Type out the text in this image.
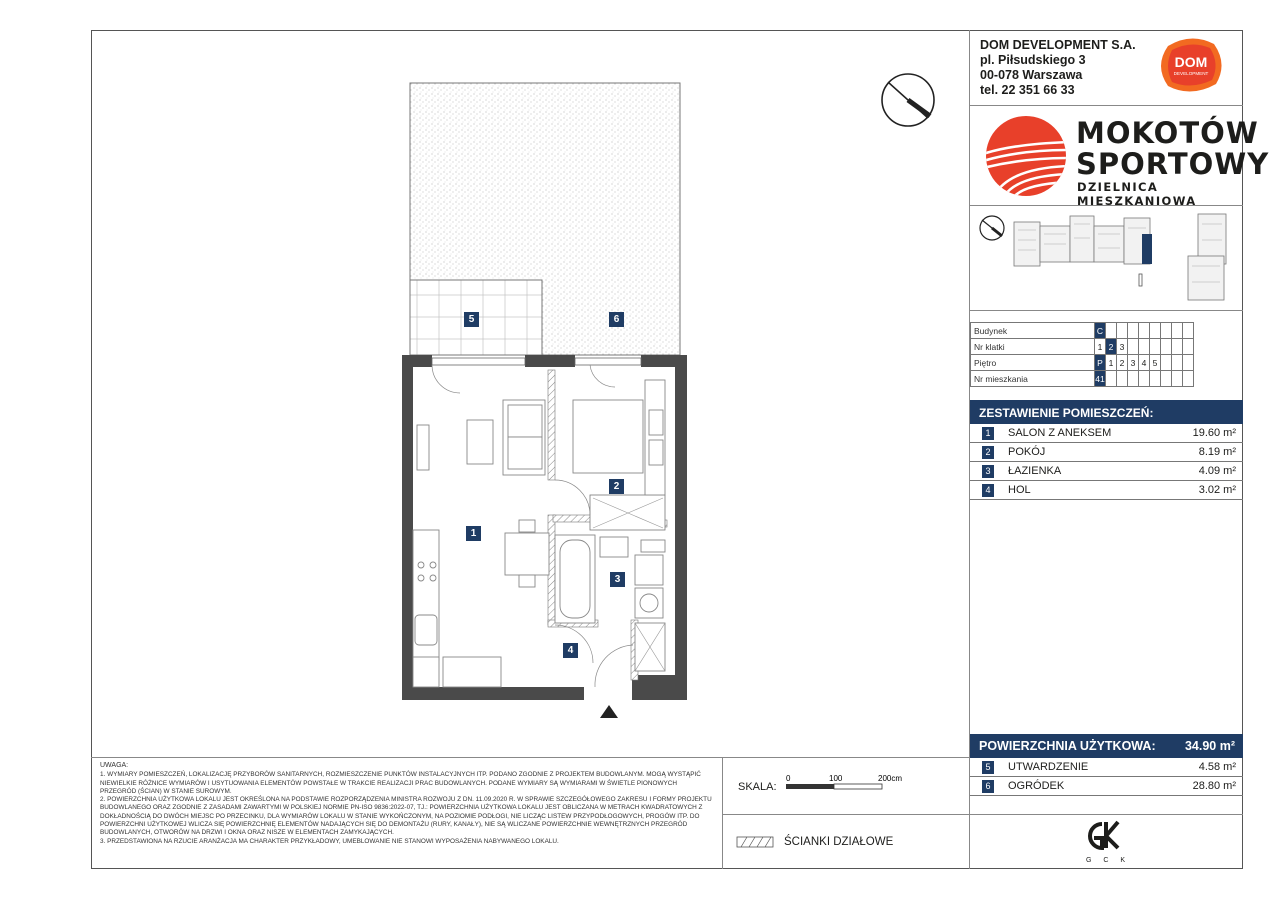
DOM DEVELOPMENT S.A.
pl. Piłsudskiego 3
00-078 Warszawa
tel. 22 351 66 33
DOM
DEVELOPMENT
MOKOTÓW
SPORTOWY
DZIELNICA MIESZKANIOWA
Budynek	C								
Nr klatki	1	2	3						
Piętro	P	1	2	3	4	5			
Nr mieszkania	41								
ZESTAWIENIE POMIESZCZEŃ:
1	SALON Z ANEKSEM	19.60 m²
2	POKÓJ	8.19 m²
3	ŁAZIENKA	4.09 m²
4	HOL	3.02 m²
POWIERZCHNIA UŻYTKOWA: 34.90 m²
5	UTWARDZENIE	4.58 m²
6	OGRÓDEK	28.80 m²
G C K
UWAGA:
1. WYMIARY POMIESZCZEŃ, LOKALIZACJĘ PRZYBORÓW SANITARNYCH, ROZMIESZCZENIE PUNKTÓW INSTALACYJNYCH ITP. PODANO ZGODNIE Z PROJEKTEM BUDOWLANYM. MOGĄ WYSTĄPIĆ NIEWIELKIE RÓŻNICE WYMIARÓW I USYTUOWANIA ELEMENTÓW POWSTAŁE W TRAKCIE REALIZACJI PRAC BUDOWLANYCH. PODANE WYMIARY SĄ WYMIARAMI W ŚWIETLE PIONOWYCH PRZEGRÓD (ŚCIAN) W STANIE SUROWYM.
2. POWIERZCHNIA UŻYTKOWA LOKALU JEST OKREŚLONA NA PODSTAWIE ROZPORZĄDZENIA MINISTRA ROZWOJU Z DN. 11.09.2020 R. W SPRAWIE SZCZEGÓŁOWEGO ZAKRESU I FORMY PROJEKTU BUDOWLANEGO ORAZ ZGODNIE Z ZASADAMI ZAWARTYMI W POLSKIEJ NORMIE PN-ISO 9836:2022-07, TJ.: POWIERZCHNIA UŻYTKOWA LOKALU JEST OBLICZANA W METRACH KWADRATOWYCH Z DOKŁADNOŚCIĄ DO DWÓCH MIEJSC PO PRZECINKU, DLA WYMIARÓW LOKALU W STANIE WYKOŃCZONYM, NA POZIOMIE PODŁOGI, NIE LICZĄC LISTEW PRZYPODŁOGOWYCH, PROGÓW ITP. DO POWIERZCHNI UŻYTKOWEJ WLICZA SIĘ POWIERZCHNIĘ ELEMENTÓW NADAJĄCYCH SIĘ DO DEMONTAŻU (RURY, KANAŁY), NIE SĄ WLICZANE POWIERZCHNIE WEWNĘTRZNYCH PRZEGRÓD BUDOWLANYCH, OTWORÓW NA DRZWI I OKNA ORAZ NISZE W ELEMENTACH ZAMYKAJĄCYCH.
3. PRZEDSTAWIONA NA RZUCIE ARANŻACJA MA CHARAKTER PRZYKŁADOWY, UMEBLOWANIE NIE STANOWI WYPOSAŻENIA NABYWANEGO LOKALU.
SKALA:
0	100	200cm
ŚCIANKI DZIAŁOWE
5	6
1
2
3
4
